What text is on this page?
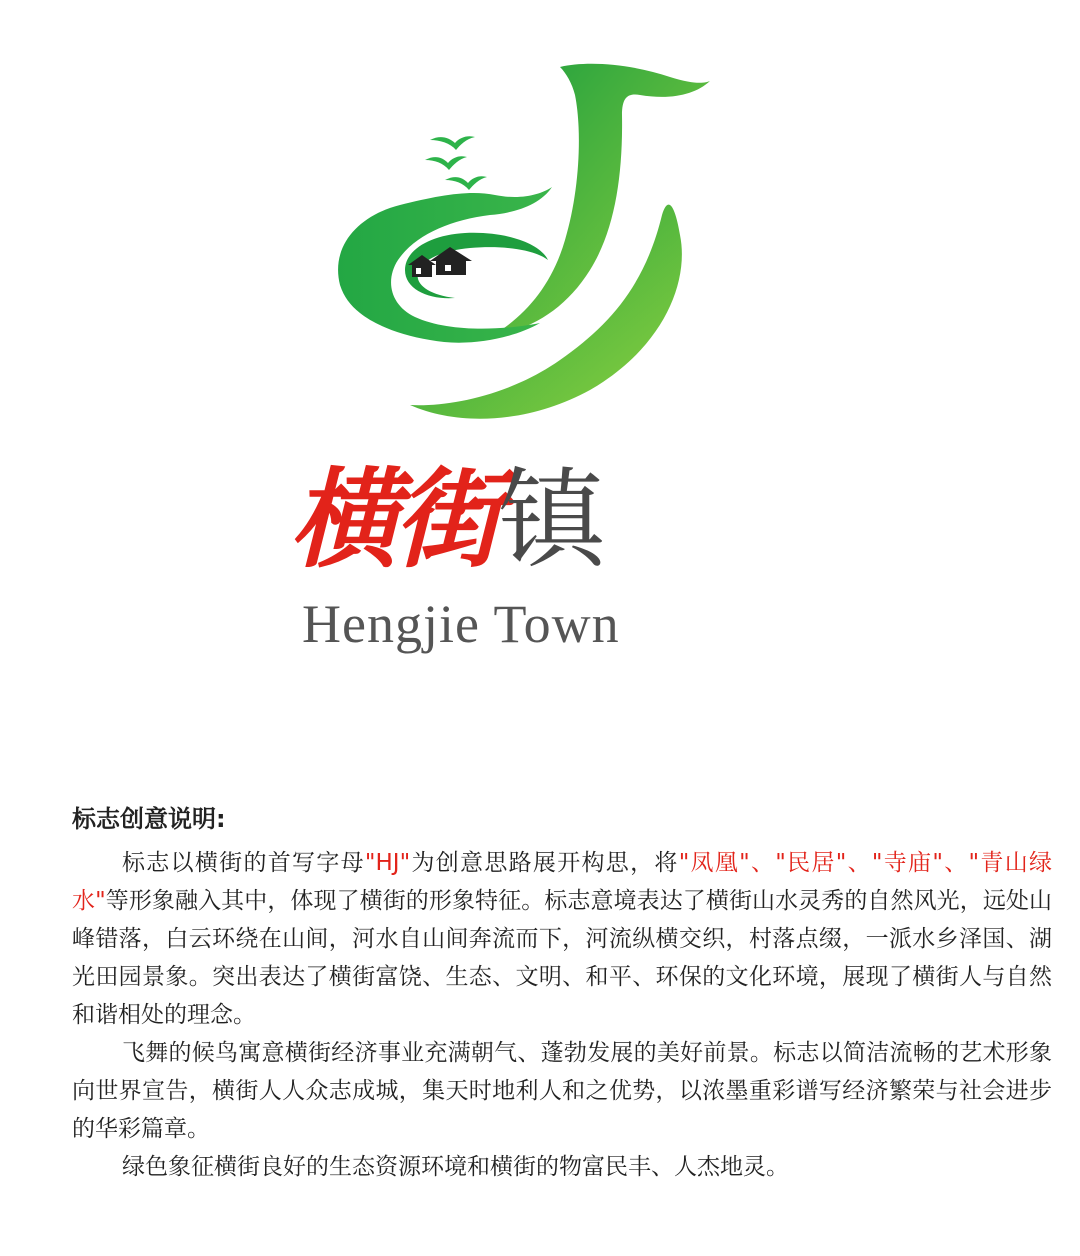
横街镇
Hengjie Town
标志创意说明:

标志以横街的首写字母"HJ"为创意思路展开构思，将"凤凰"、"民居"、"寺庙"、"青山绿水"等形象融入其中，体现了横街的形象特征。标志意境表达了横街山水灵秀的自然风光，远处山峰错落，白云环绕在山间，河水自山间奔流而下，河流纵横交织，村落点缀，一派水乡泽国、湖光田园景象。突出表达了横街富饶、生态、文明、和平、环保的文化环境，展现了横街人与自然和谐相处的理念。

飞舞的候鸟寓意横街经济事业充满朝气、蓬勃发展的美好前景。标志以简洁流畅的艺术形象向世界宣告，横街人人众志成城，集天时地利人和之优势，以浓墨重彩谱写经济繁荣与社会进步的华彩篇章。

绿色象征横街良好的生态资源环境和横街的物富民丰、人杰地灵。
